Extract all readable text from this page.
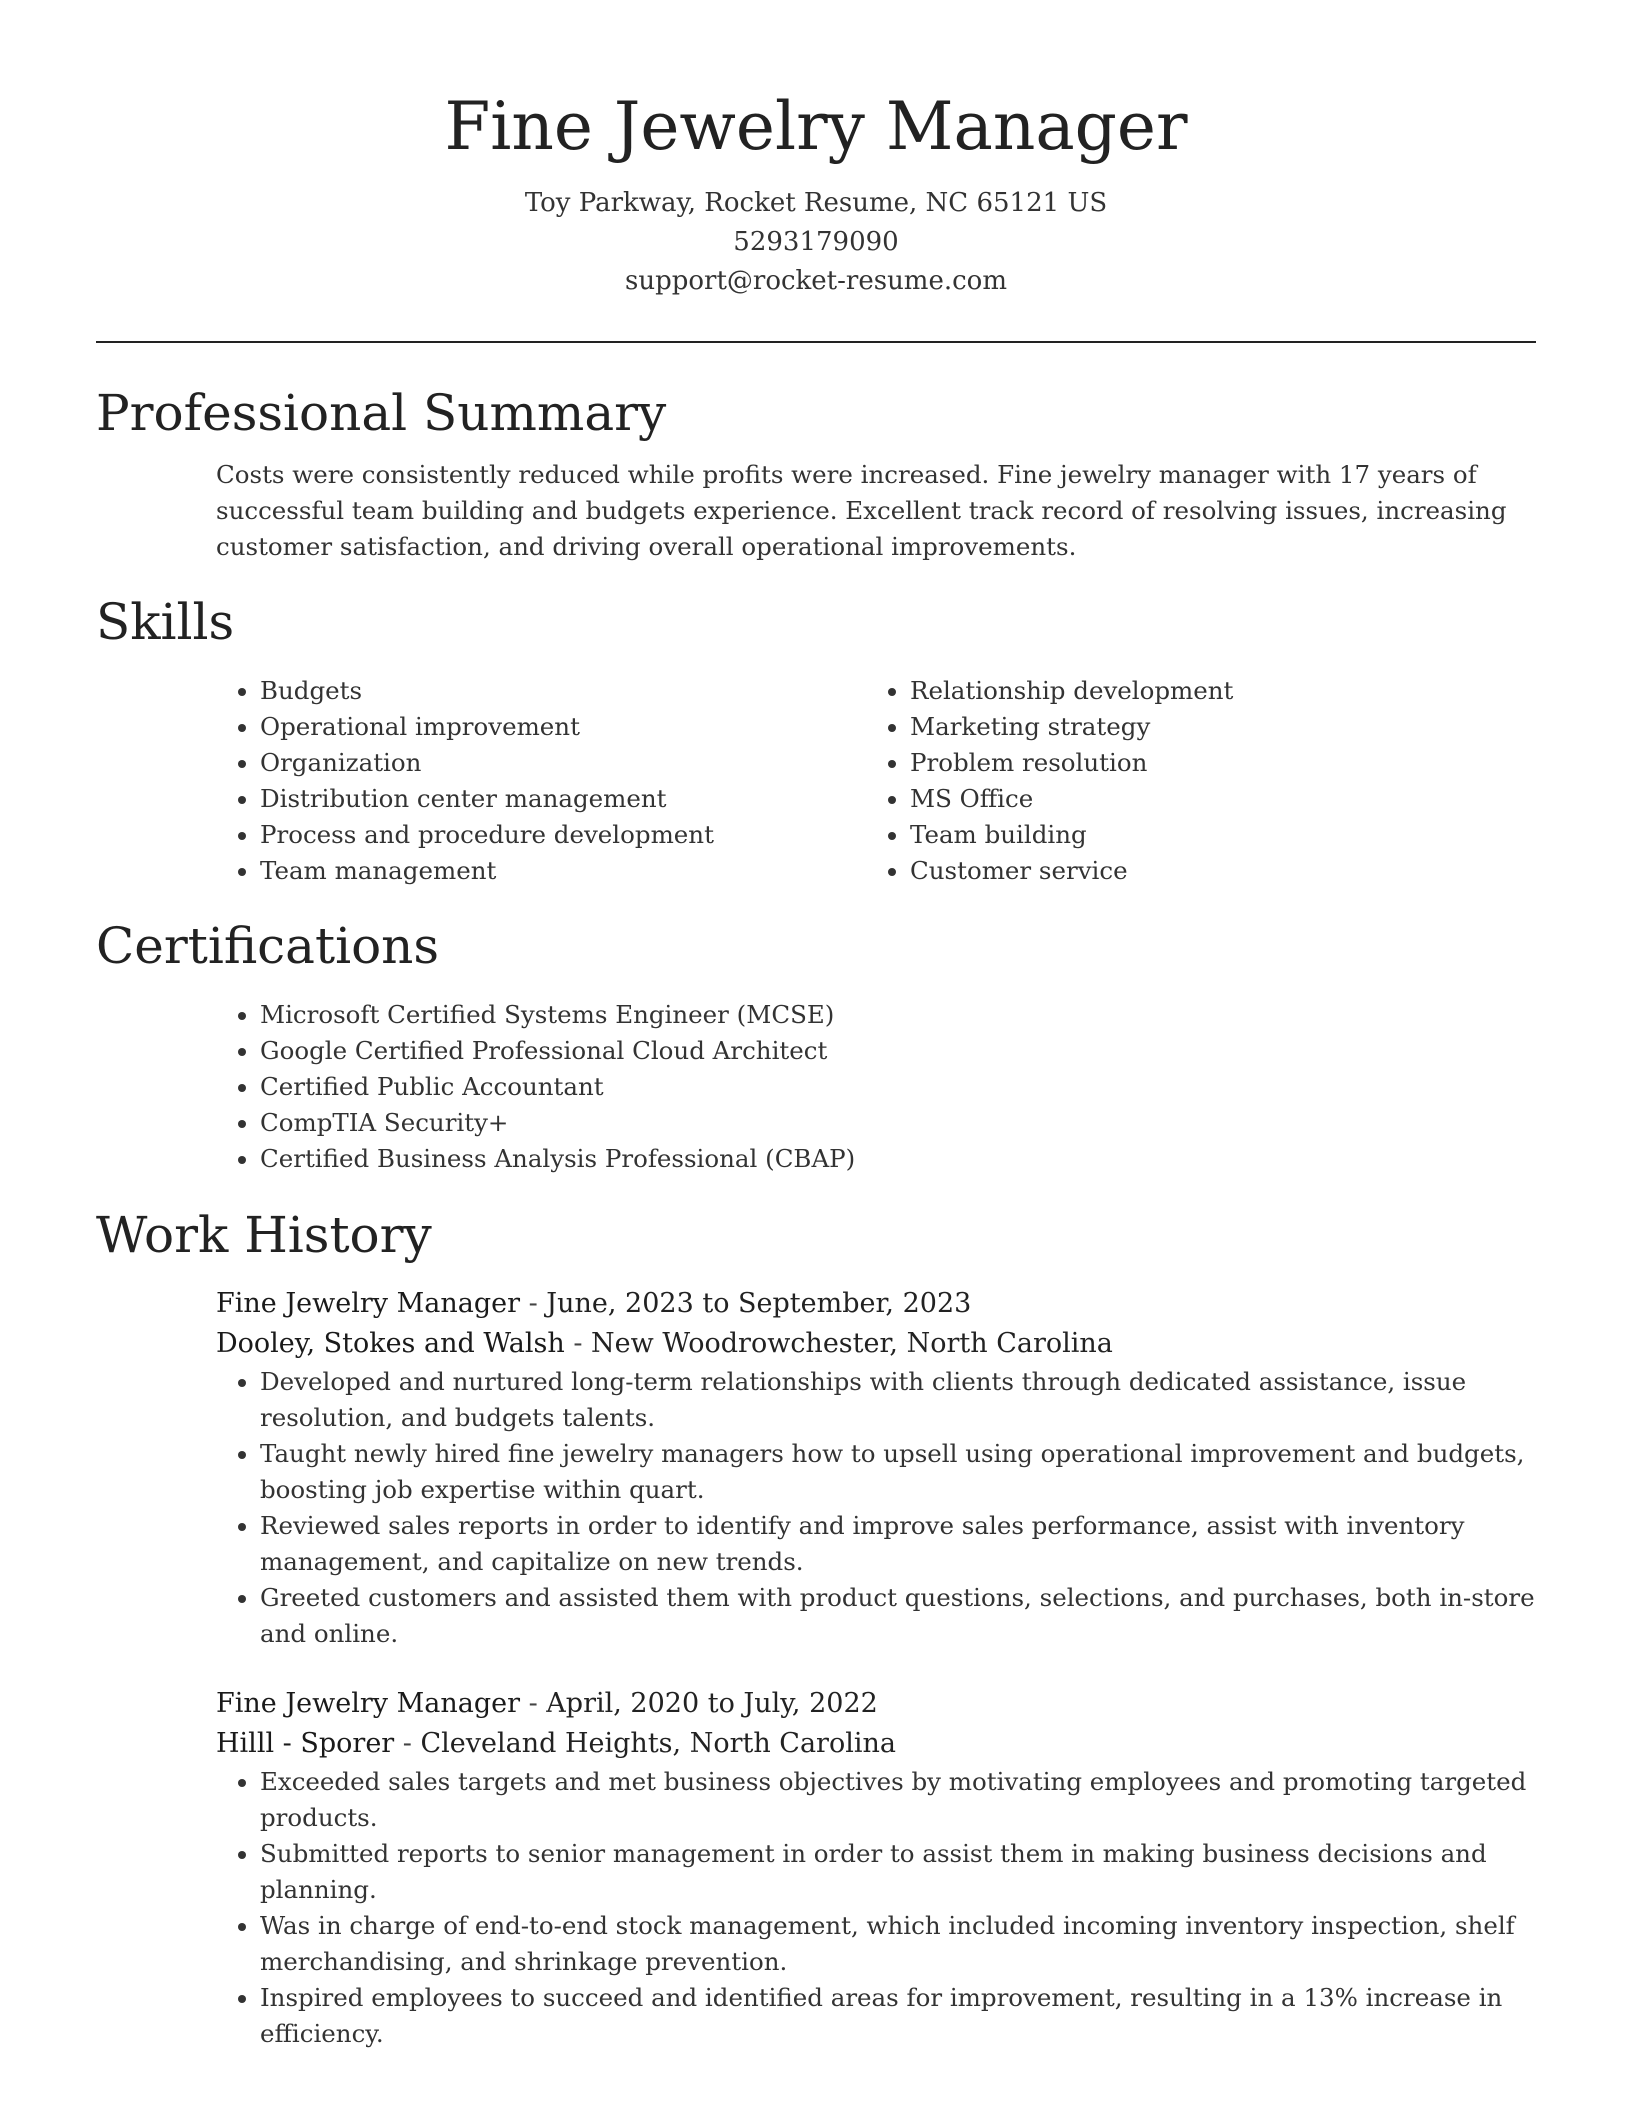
Fine Jewelry Manager
Toy Parkway, Rocket Resume, NC 65121 US
5293179090
support@rocket-resume.com
Professional Summary
Costs were consistently reduced while profits were increased. Fine jewelry manager with 17 years of successful team building and budgets experience. Excellent track record of resolving issues, increasing customer satisfaction, and driving overall operational improvements.
Skills
• Budgets
• Operational improvement
• Organization
• Distribution center management
• Process and procedure development
• Team management
• Relationship development
• Marketing strategy
• Problem resolution
• MS Office
• Team building
• Customer service
Certifications
• Microsoft Certified Systems Engineer (MCSE)
• Google Certified Professional Cloud Architect
• Certified Public Accountant
• CompTIA Security+
• Certified Business Analysis Professional (CBAP)
Work History
Fine Jewelry Manager - June, 2023 to September, 2023
Dooley, Stokes and Walsh - New Woodrowchester, North Carolina
• Developed and nurtured long-term relationships with clients through dedicated assistance, issue resolution, and budgets talents.
• Taught newly hired fine jewelry managers how to upsell using operational improvement and budgets, boosting job expertise within quart.
• Reviewed sales reports in order to identify and improve sales performance, assist with inventory management, and capitalize on new trends.
• Greeted customers and assisted them with product questions, selections, and purchases, both in-store and online.
Fine Jewelry Manager - April, 2020 to July, 2022
Hilll - Sporer - Cleveland Heights, North Carolina
• Exceeded sales targets and met business objectives by motivating employees and promoting targeted products.
• Submitted reports to senior management in order to assist them in making business decisions and planning.
• Was in charge of end-to-end stock management, which included incoming inventory inspection, shelf merchandising, and shrinkage prevention.
• Inspired employees to succeed and identified areas for improvement, resulting in a 13% increase in efficiency.
